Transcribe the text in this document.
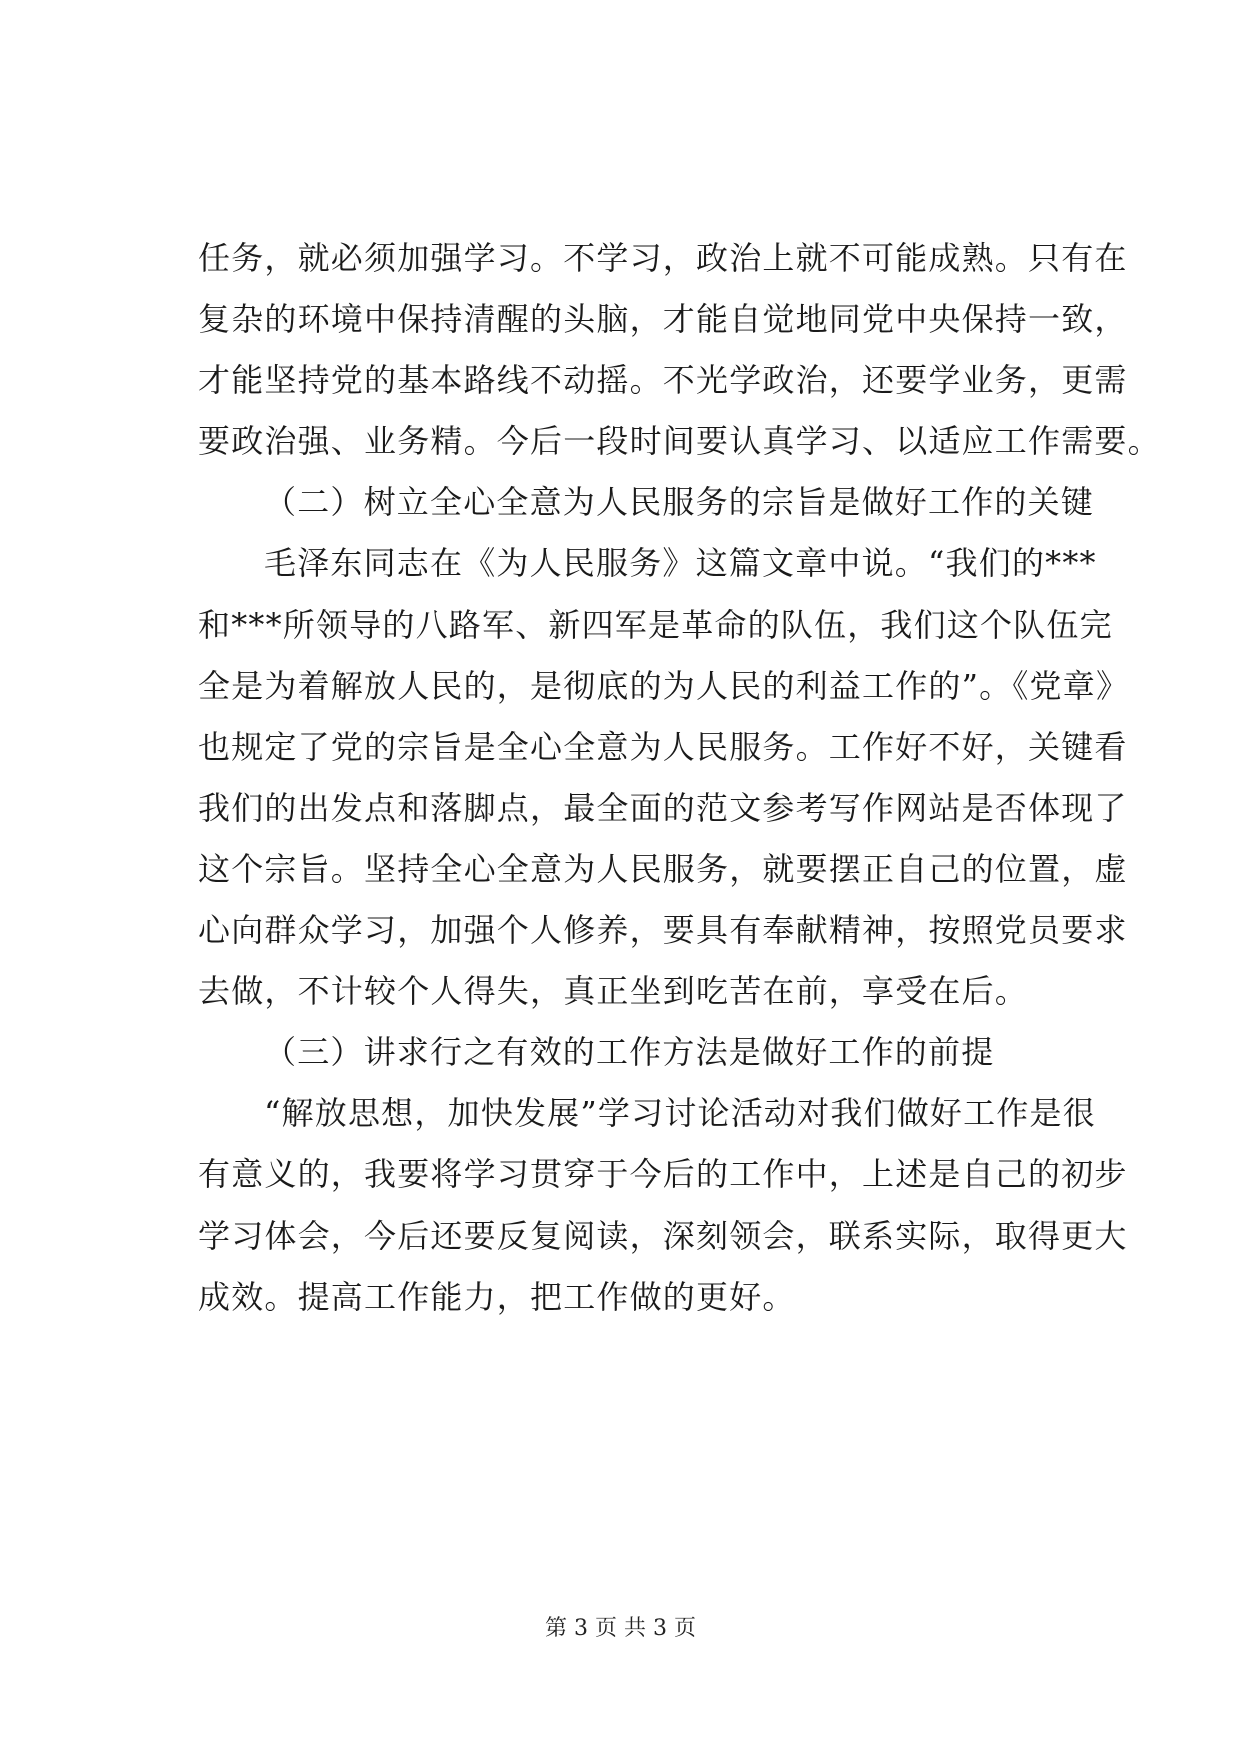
任务，就必须加强学习。不学习，政治上就不可能成熟。只有在
复杂的环境中保持清醒的头脑，才能自觉地同党中央保持一致，
才能坚持党的基本路线不动摇。不光学政治，还要学业务，更需
要政治强、业务精。今后一段时间要认真学习、以适应工作需要。
（二）树立全心全意为人民服务的宗旨是做好工作的关键
毛泽东同志在《为人民服务》这篇文章中说。“我们的***
和***所领导的八路军、新四军是革命的队伍，我们这个队伍完
全是为着解放人民的，是彻底的为人民的利益工作的”。《党章》
也规定了党的宗旨是全心全意为人民服务。工作好不好，关键看
我们的出发点和落脚点，最全面的范文参考写作网站是否体现了
这个宗旨。坚持全心全意为人民服务，就要摆正自己的位置，虚
心向群众学习，加强个人修养，要具有奉献精神，按照党员要求
去做，不计较个人得失，真正坐到吃苦在前，享受在后。
（三）讲求行之有效的工作方法是做好工作的前提
“解放思想，加快发展”学习讨论活动对我们做好工作是很
有意义的，我要将学习贯穿于今后的工作中，上述是自己的初步
学习体会，今后还要反复阅读，深刻领会，联系实际，取得更大
成效。提高工作能力，把工作做的更好。
第 3 页 共 3 页
